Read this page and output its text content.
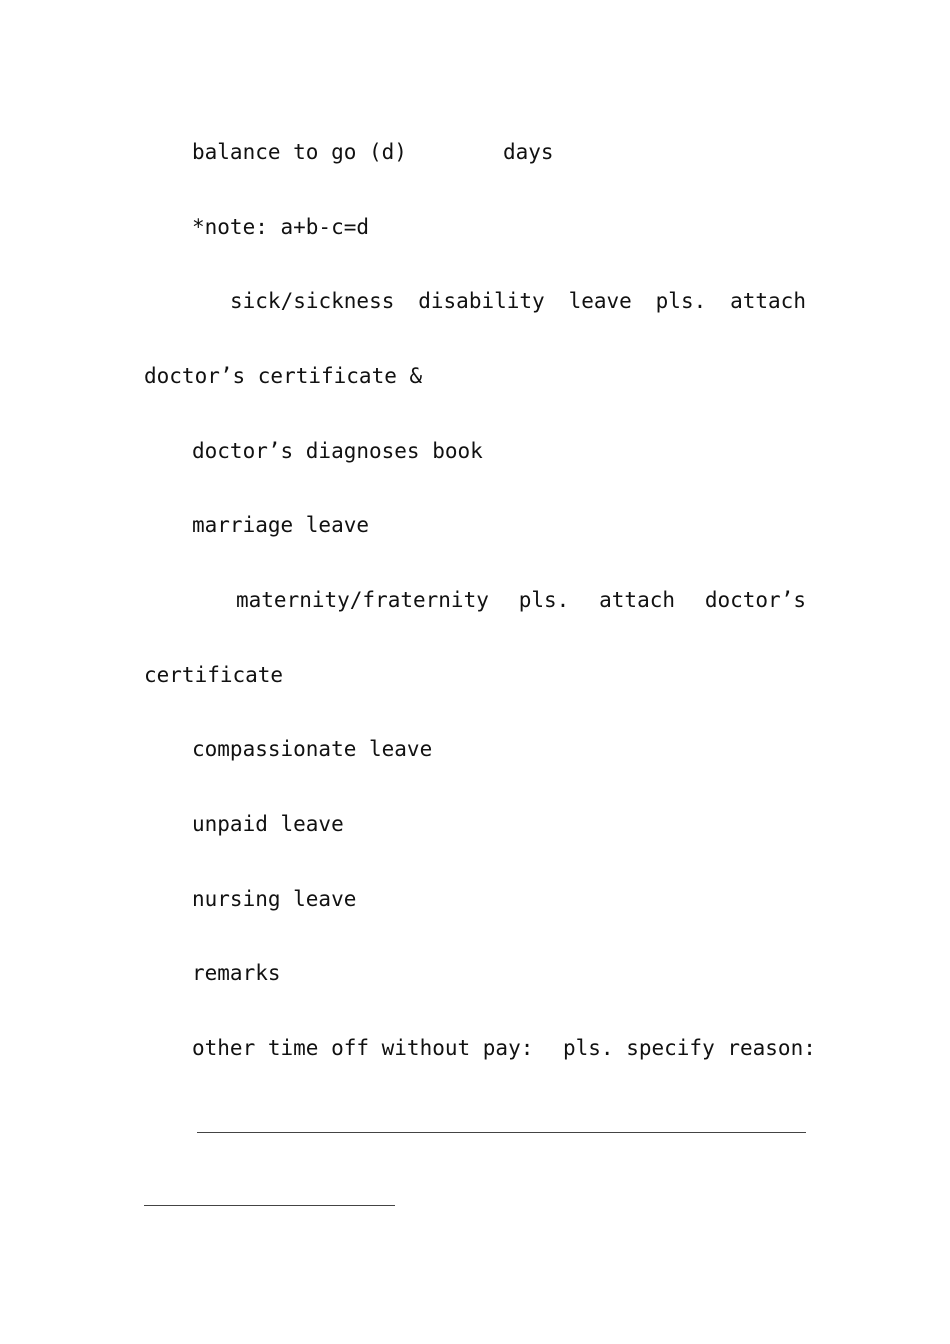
balance to go (d)	days
*note: a+b-c=d
sick/sickness disability leave pls. attach
doctor’s certificate &
doctor’s diagnoses book
marriage leave
maternity/fraternity pls. attach doctor’s
certificate
compassionate leave
unpaid leave
nursing leave
remarks
other time off without pay: pls. specify reason:
